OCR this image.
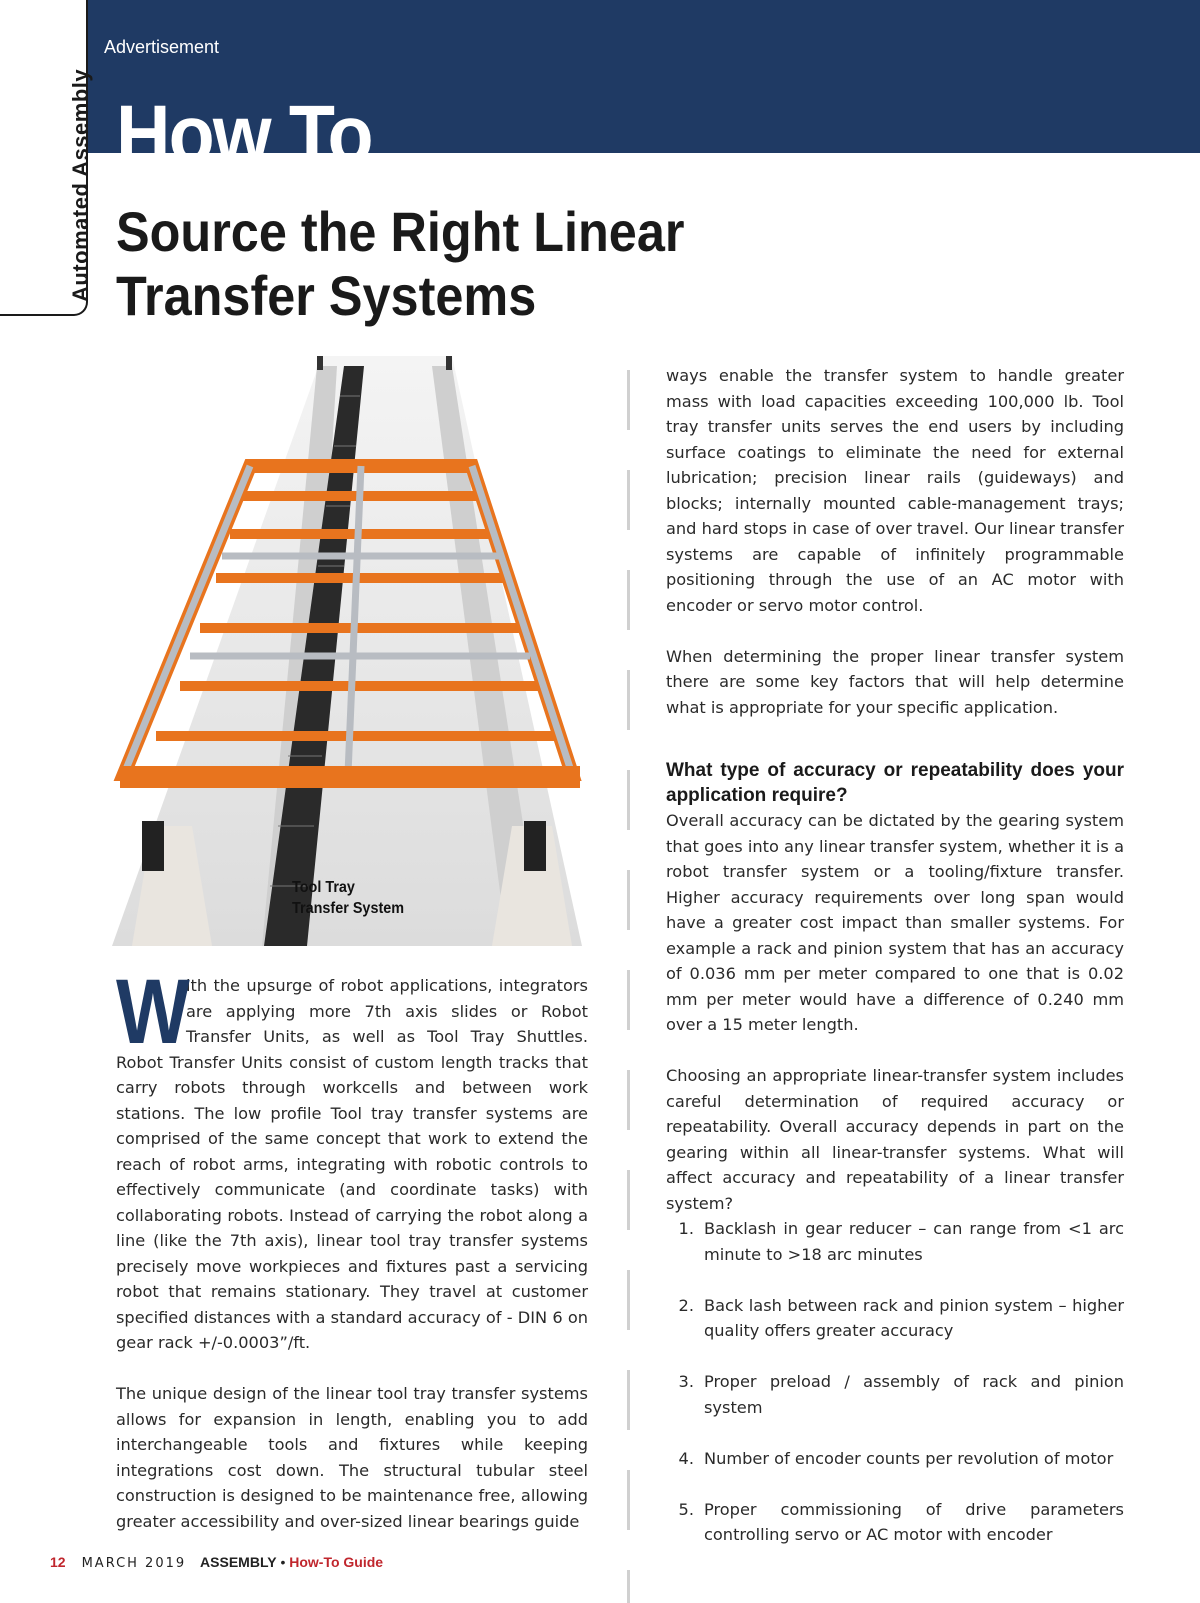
Automated Assembly
Advertisement
How To
Source the Right Linear Transfer Systems
Tool Tray
Transfer System

W
ith the upsurge of robot applications, integrators are applying more 7th axis slides or Robot Transfer Units, as well as Tool Tray Shuttles. Robot Transfer Units consist of custom length tracks that carry robots through workcells and between work stations. The low profile Tool tray transfer systems are comprised of the same concept that work to extend the reach of robot arms, integrating with robotic controls to effectively communicate (and coordinate tasks) with collaborating robots. Instead of carrying the robot along a line (like the 7th axis), linear tool tray transfer systems precisely move workpieces and fixtures past a servicing robot that remains stationary. They travel at customer specified distances with a standard accuracy of - DIN 6 on gear rack +/-0.0003”/ft.

The unique design of the linear tool tray transfer systems allows for expansion in length, enabling you to add interchangeable tools and fixtures while keeping integrations cost down. The structural tubular steel construction is designed to be maintenance free, allowing greater accessibility and over-sized linear bearings guide

ways enable the transfer system to handle greater mass with load capacities exceeding 100,000 lb. Tool tray transfer units serves the end users by including surface coatings to eliminate the need for external lubrication; precision linear rails (guideways) and blocks; internally mounted cable-management trays; and hard stops in case of over travel. Our linear transfer systems are capable of infinitely programmable positioning through the use of an AC motor with encoder or servo motor control.

When determining the proper linear transfer system there are some key factors that will help determine what is appropriate for your specific application.

What type of accuracy or repeatability does your application require?

Overall accuracy can be dictated by the gearing system that goes into any linear transfer system, whether it is a robot transfer system or a tooling/fixture transfer. Higher accuracy requirements over long span would have a greater cost impact than smaller systems. For example a rack and pinion system that has an accuracy of 0.036 mm per meter compared to one that is 0.02 mm per meter would have a difference of 0.240 mm over a 15 meter length.

Choosing an appropriate linear-transfer system includes careful determination of required accuracy or repeatability. Overall accuracy depends in part on the gearing within all linear-transfer systems. What will affect accuracy and repeatability of a linear transfer system?

1. Backlash in gear reducer – can range from <1 arc minute to >18 arc minutes
2. Back lash between rack and pinion system – higher quality offers greater accuracy
3. Proper preload / assembly of rack and pinion system
4. Number of encoder counts per revolution of motor
5. Proper commissioning of drive parameters controlling servo or AC motor with encoder
12 MARCH 2019 ASSEMBLY • How-To Guide
